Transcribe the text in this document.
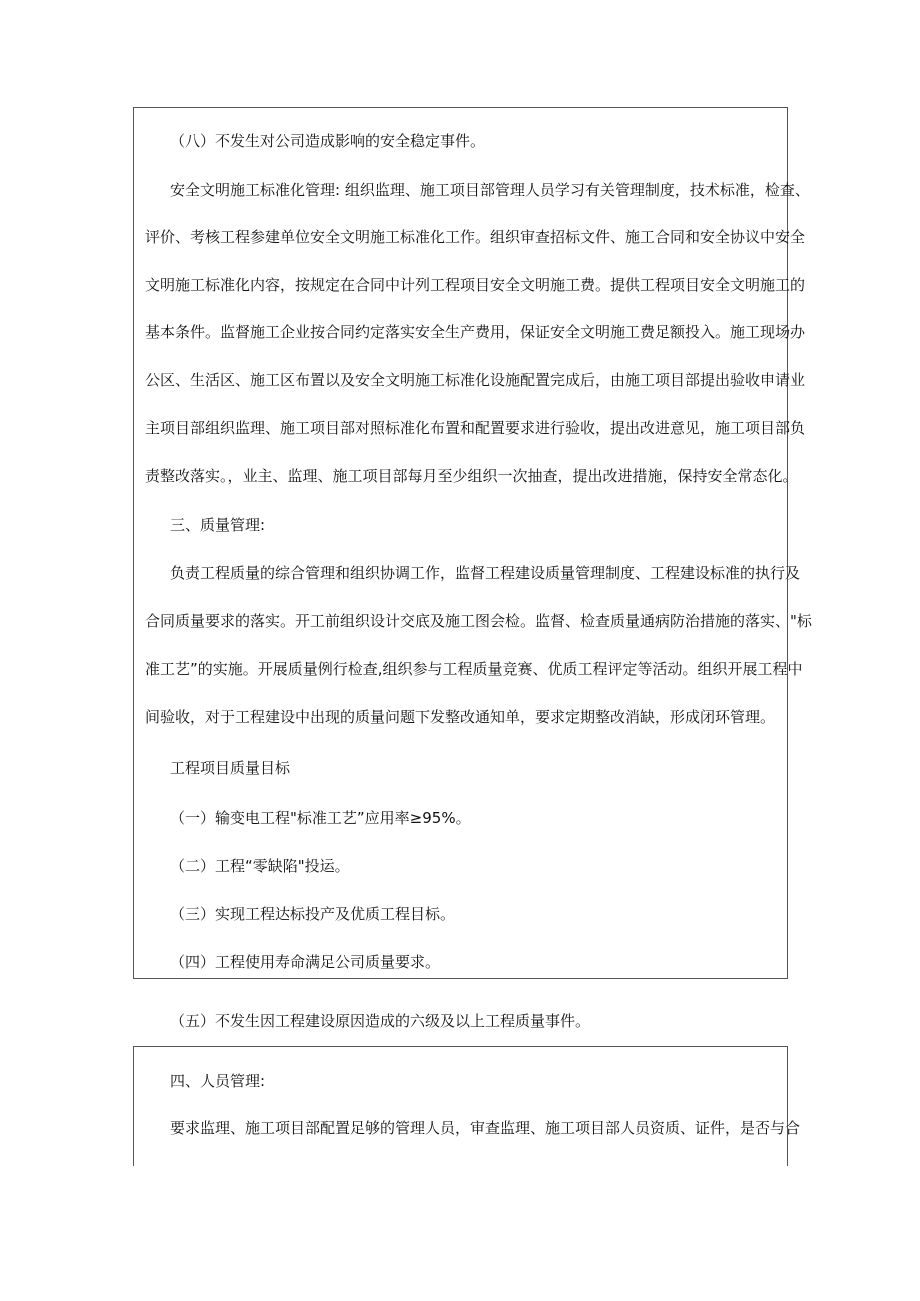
（八）不发生对公司造成影响的安全稳定事件。
安全文明施工标准化管理: 组织监理、施工项目部管理人员学习有关管理制度，技术标准，检查、
评价、考核工程参建单位安全文明施工标准化工作。组织审查招标文件、施工合同和安全协议中安全
文明施工标准化内容，按规定在合同中计列工程项目安全文明施工费。提供工程项目安全文明施工的
基本条件。监督施工企业按合同约定落实安全生产费用，保证安全文明施工费足额投入。施工现场办
公区、生活区、施工区布置以及安全文明施工标准化设施配置完成后，由施工项目部提出验收申请业
主项目部组织监理、施工项目部对照标准化布置和配置要求进行验收，提出改进意见，施工项目部负
责整改落实。，业主、监理、施工项目部每月至少组织一次抽查，提出改进措施，保持安全常态化。
三、质量管理:
负责工程质量的综合管理和组织协调工作，监督工程建设质量管理制度、工程建设标准的执行及
合同质量要求的落实。开工前组织设计交底及施工图会检。监督、检查质量通病防治措施的落实、"标
准工艺”的实施。开展质量例行检查,组织参与工程质量竞赛、优质工程评定等活动。组织开展工程中
间验收，对于工程建设中出现的质量问题下发整改通知单，要求定期整改消缺，形成闭环管理。
工程项目质量目标
（一）输变电工程"标准工艺”应用率≥95%。
（二）工程“零缺陷"投运。
（三）实现工程达标投产及优质工程目标。
（四）工程使用寿命满足公司质量要求。
（五）不发生因工程建设原因造成的六级及以上工程质量事件。
四、人员管理:
要求监理、施工项目部配置足够的管理人员，审查监理、施工项目部人员资质、证件，是否与合
